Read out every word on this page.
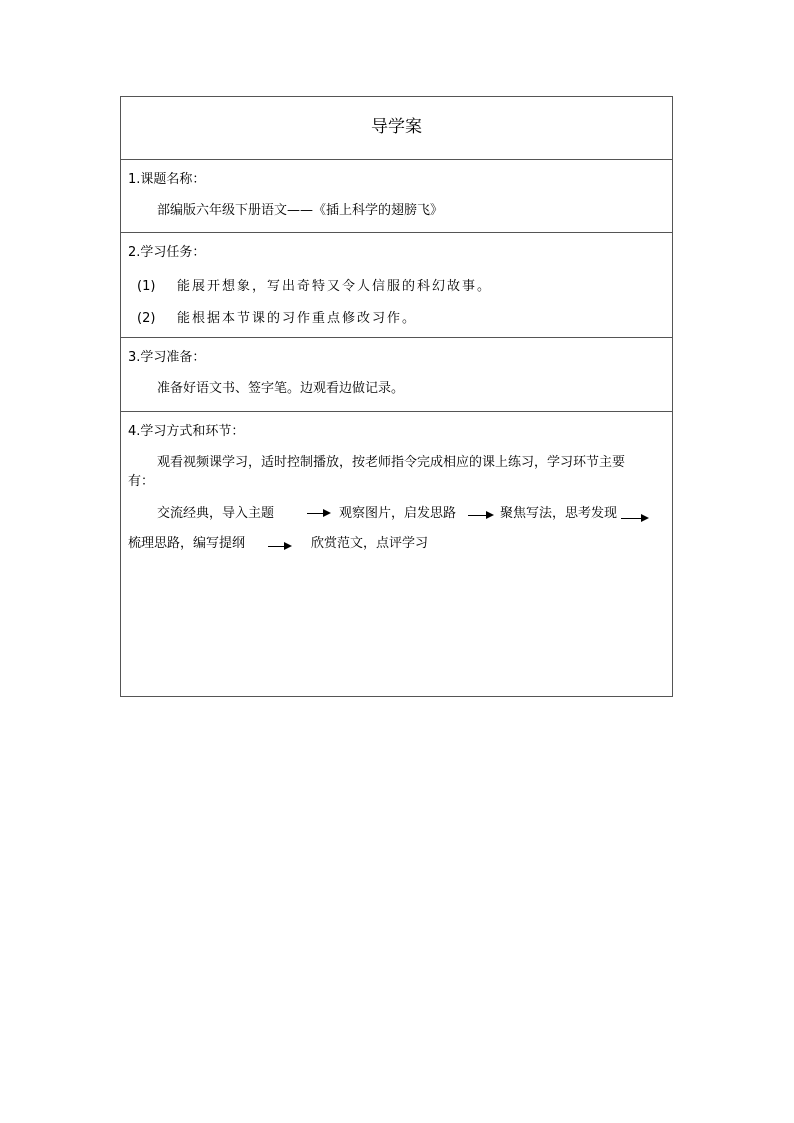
导学案
1.课题名称：
部编版六年级下册语文——《插上科学的翅膀飞》
2.学习任务：
(1) 能展开想象，写出奇特又令人信服的科幻故事。
(2) 能根据本节课的习作重点修改习作。
3.学习准备：
准备好语文书、签字笔。边观看边做记录。
4.学习方式和环节：
观看视频课学习，适时控制播放，按老师指令完成相应的课上练习，学习环节主要
有：
交流经典，导入主题	观察图片，启发思路	聚焦写法，思考发现
梳理思路，编写提纲	欣赏范文，点评学习
